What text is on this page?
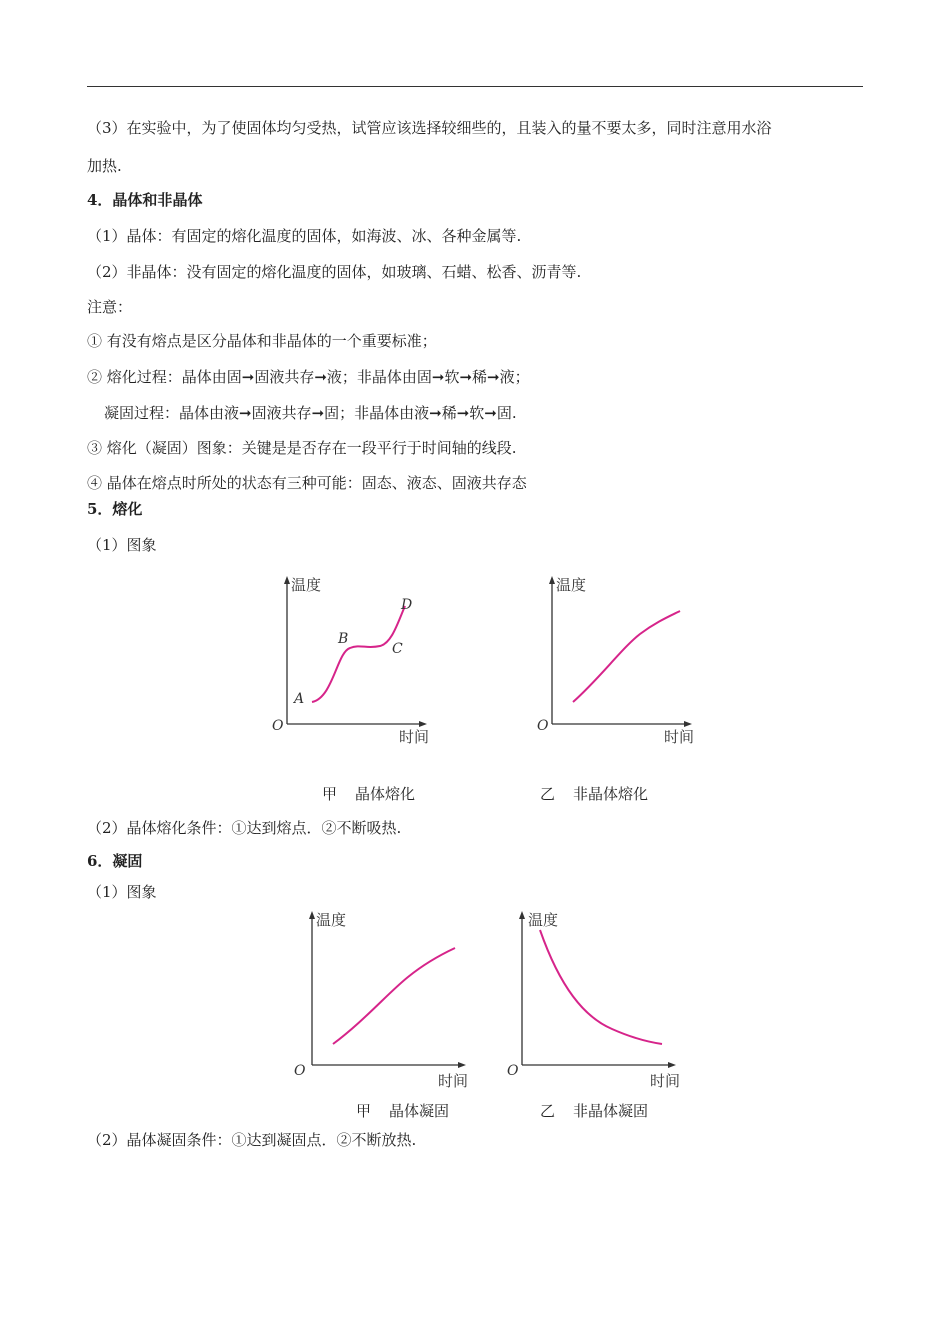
（3）在实验中，为了使固体均匀受热，试管应该选择较细些的，且装入的量不要太多，同时注意用水浴
加热.
4．晶体和非晶体
（1）晶体：有固定的熔化温度的固体，如海波、冰、各种金属等.
（2）非晶体：没有固定的熔化温度的固体，如玻璃、石蜡、松香、沥青等.
注意：
① 有没有熔点是区分晶体和非晶体的一个重要标准；
② 熔化过程：晶体由固➞固液共存➞液；非晶体由固➞软➞稀➞液；
凝固过程：晶体由液➞固液共存➞固；非晶体由液➞稀➞软➞固.
③ 熔化（凝固）图象：关键是是否存在一段平行于时间轴的线段.
④ 晶体在熔点时所处的状态有三种可能：固态、液态、固液共存态
5．熔化
（1）图象
温度
时间
O
A
B
C
D
温度
时间
O
甲 晶体熔化	乙 非晶体熔化
（2）晶体熔化条件：①达到熔点．②不断吸热.
6．凝固
（1）图象
温度
时间
O
温度
时间
O
甲 晶体凝固	乙 非晶体凝固
（2）晶体凝固条件：①达到凝固点．②不断放热.
